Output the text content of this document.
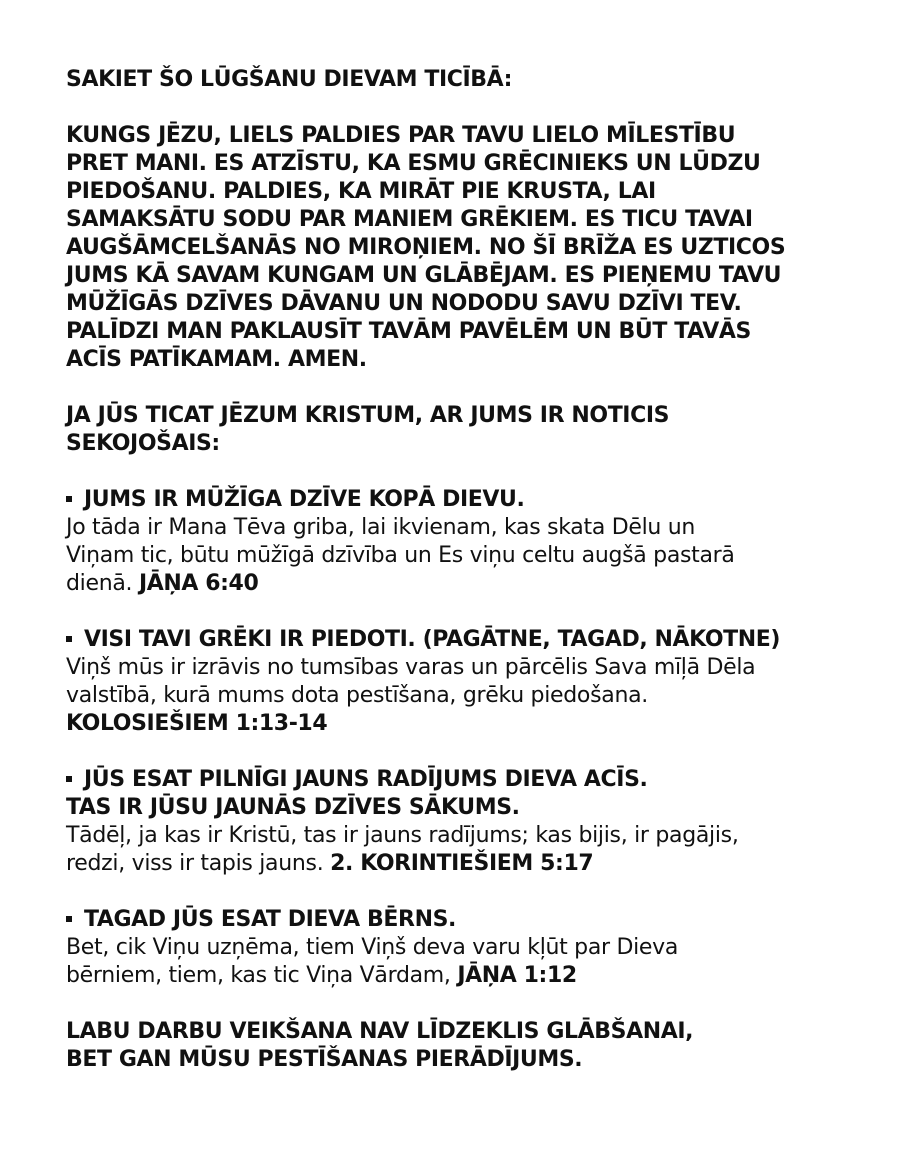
SAKIET ŠO LŪGŠANU DIEVAM TICĪBĀ:

KUNGS JĒZU, LIELS PALDIES PAR TAVU LIELO MĪLESTĪBU
PRET MANI. ES ATZĪSTU, KA ESMU GRĒCINIEKS UN LŪDZU
PIEDOŠANU. PALDIES, KA MIRĀT PIE KRUSTA, LAI
SAMAKSĀTU SODU PAR MANIEM GRĒKIEM. ES TICU TAVAI
AUGŠĀMCELŠANĀS NO MIROŅIEM. NO ŠĪ BRĪŽA ES UZTICOS
JUMS KĀ SAVAM KUNGAM UN GLĀBĒJAM. ES PIEŅEMU TAVU
MŪŽĪGĀS DZĪVES DĀVANU UN NODODU SAVU DZĪVI TEV.
PALĪDZI MAN PAKLAUSĪT TAVĀM PAVĒLĒM UN BŪT TAVĀS
ACĪS PATĪKAMAM. AMEN.

JA JŪS TICAT JĒZUM KRISTUM, AR JUMS IR NOTICIS
SEKOJOŠAIS:

JUMS IR MŪŽĪGA DZĪVE KOPĀ DIEVU.

Jo tāda ir Mana Tēva griba, lai ikvienam, kas skata Dēlu un
Viņam tic, būtu mūžīgā dzīvība un Es viņu celtu augšā pastarā
dienā. JĀŅA 6:40

VISI TAVI GRĒKI IR PIEDOTI. (PAGĀTNE, TAGAD, NĀKOTNE)

Viņš mūs ir izrāvis no tumsības varas un pārcēlis Sava mīļā Dēla
valstībā, kurā mums dota pestīšana, grēku piedošana.
KOLOSIEŠIEM 1:13-14

JŪS ESAT PILNĪGI JAUNS RADĪJUMS DIEVA ACĪS.

TAS IR JŪSU JAUNĀS DZĪVES SĀKUMS.

Tādēļ, ja kas ir Kristū, tas ir jauns radījums; kas bijis, ir pagājis,
redzi, viss ir tapis jauns. 2. KORINTIEŠIEM 5:17

TAGAD JŪS ESAT DIEVA BĒRNS.

Bet, cik Viņu uzņēma, tiem Viņš deva varu kļūt par Dieva
bērniem, tiem, kas tic Viņa Vārdam, JĀŅA 1:12

LABU DARBU VEIKŠANA NAV LĪDZEKLIS GLĀBŠANAI,
BET GAN MŪSU PESTĪŠANAS PIERĀDĪJUMS.
